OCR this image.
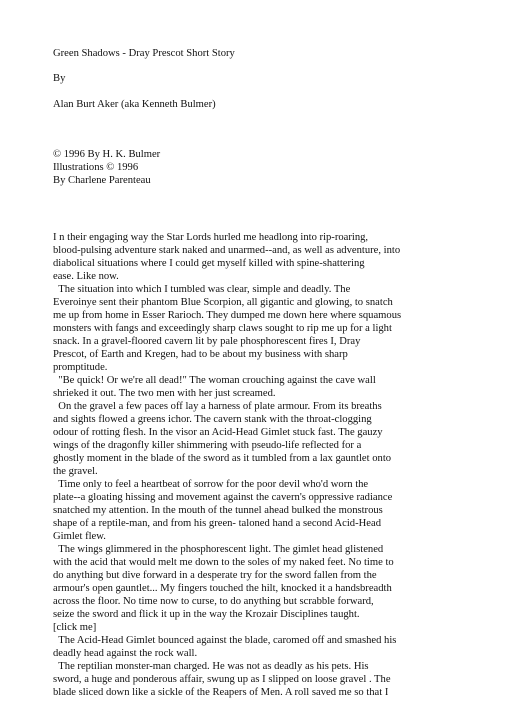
Green Shadows - Dray Prescot Short Story
By
Alan Burt Aker (aka Kenneth Bulmer)
© 1996 By H. K. Bulmer
Illustrations © 1996
By Charlene Parenteau

I n their engaging way the Star Lords hurled me headlong into rip-roaring,

blood-pulsing adventure stark naked and unarmed--and, as well as adventure, into

diabolical situations where I could get myself killed with spine-shattering

ease. Like now.

The situation into which I tumbled was clear, simple and deadly. The

Everoinye sent their phantom Blue Scorpion, all gigantic and glowing, to snatch

me up from home in Esser Rarioch. They dumped me down here where squamous

monsters with fangs and exceedingly sharp claws sought to rip me up for a light

snack. In a gravel-floored cavern lit by pale phosphorescent fires I, Dray

Prescot, of Earth and Kregen, had to be about my business with sharp

promptitude.

"Be quick! Or we're all dead!" The woman crouching against the cave wall

shrieked it out. The two men with her just screamed.

On the gravel a few paces off lay a harness of plate armour. From its breaths

and sights flowed a greens ichor. The cavern stank with the throat-clogging

odour of rotting flesh. In the visor an Acid-Head Gimlet stuck fast. The gauzy

wings of the dragonfly killer shimmering with pseudo-life reflected for a

ghostly moment in the blade of the sword as it tumbled from a lax gauntlet onto

the gravel.

Time only to feel a heartbeat of sorrow for the poor devil who'd worn the

plate--a gloating hissing and movement against the cavern's oppressive radiance

snatched my attention. In the mouth of the tunnel ahead bulked the monstrous

shape of a reptile-man, and from his green- taloned hand a second Acid-Head

Gimlet flew.

The wings glimmered in the phosphorescent light. The gimlet head glistened

with the acid that would melt me down to the soles of my naked feet. No time to

do anything but dive forward in a desperate try for the sword fallen from the

armour's open gauntlet... My fingers touched the hilt, knocked it a handsbreadth

across the floor. No time now to curse, to do anything but scrabble forward,

seize the sword and flick it up in the way the Krozair Disciplines taught.

[click me]

The Acid-Head Gimlet bounced against the blade, caromed off and smashed his

deadly head against the rock wall.

The reptilian monster-man charged. He was not as deadly as his pets. His

sword, a huge and ponderous affair, swung up as I slipped on loose gravel . The

blade sliced down like a sickle of the Reapers of Men. A roll saved me so that I
